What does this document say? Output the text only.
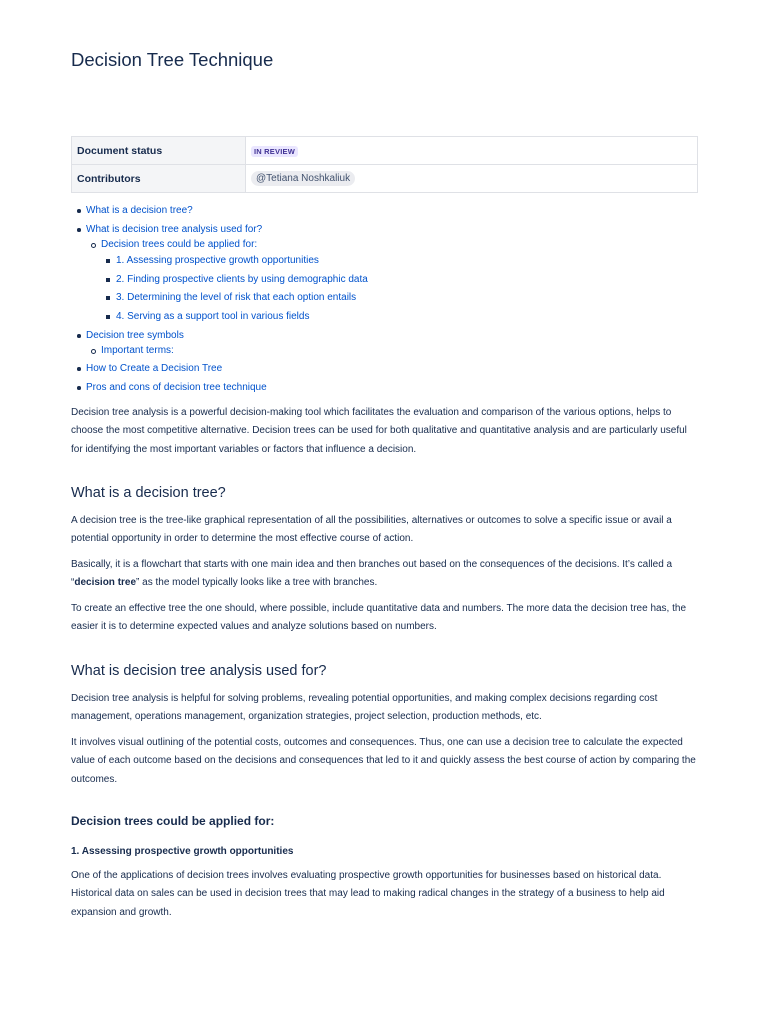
Decision Tree Technique
Document status	IN REVIEW
Contributors	@Tetiana Noshkaliuk
What is a decision tree?
What is decision tree analysis used for?
Decision trees could be applied for:
1. Assessing prospective growth opportunities
2. Finding prospective clients by using demographic data
3. Determining the level of risk that each option entails
4. Serving as a support tool in various fields
Decision tree symbols
Important terms:
How to Create a Decision Tree
Pros and cons of decision tree technique

Decision tree analysis is a powerful decision-making tool which facilitates the evaluation and comparison of the various options, helps to choose the most competitive alternative. Decision trees can be used for both qualitative and quantitative analysis and are particularly useful for identifying the most important variables or factors that influence a decision.

What is a decision tree?

A decision tree is the tree-like graphical representation of all the possibilities, alternatives or outcomes to solve a specific issue or avail a potential opportunity in order to determine the most effective course of action.

Basically, it is a flowchart that starts with one main idea and then branches out based on the consequences of the decisions. It’s called a “decision tree” as the model typically looks like a tree with branches.

To create an effective tree the one should, where possible, include quantitative data and numbers. The more data the decision tree has, the easier it is to determine expected values and analyze solutions based on numbers.

What is decision tree analysis used for?

Decision tree analysis is helpful for solving problems, revealing potential opportunities, and making complex decisions regarding cost management, operations management, organization strategies, project selection, production methods, etc.

It involves visual outlining of the potential costs, outcomes and consequences. Thus, one can use a decision tree to calculate the expected value of each outcome based on the decisions and consequences that led to it and quickly assess the best course of action by comparing the outcomes.

Decision trees could be applied for:
1. Assessing prospective growth opportunities

One of the applications of decision trees involves evaluating prospective growth opportunities for businesses based on historical data. Historical data on sales can be used in decision trees that may lead to making radical changes in the strategy of a business to help aid expansion and growth.
